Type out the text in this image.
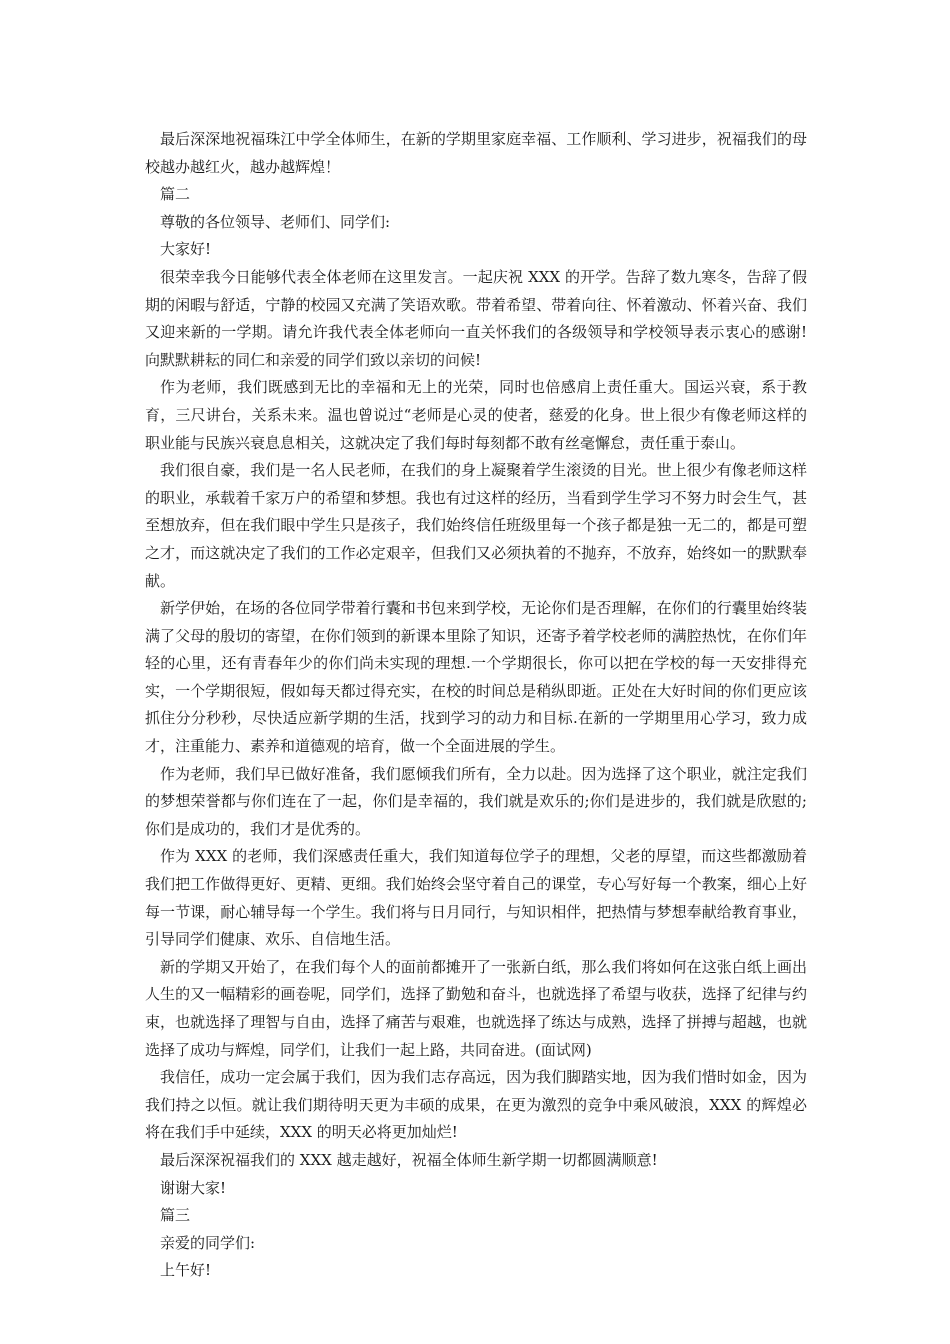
最后深深地祝福珠江中学全体师生，在新的学期里家庭幸福、工作顺利、学习进步，祝福我们的母校越办越红火，越办越辉煌！

篇二

尊敬的各位领导、老师们、同学们:

大家好!

很荣幸我今日能够代表全体老师在这里发言。一起庆祝 XXX 的开学。告辞了数九寒冬，告辞了假期的闲暇与舒适，宁静的校园又充满了笑语欢歌。带着希望、带着向往、怀着激动、怀着兴奋、我们又迎来新的一学期。请允许我代表全体老师向一直关怀我们的各级领导和学校领导表示衷心的感谢!向默默耕耘的同仁和亲爱的同学们致以亲切的问候!

作为老师，我们既感到无比的幸福和无上的光荣，同时也倍感肩上责任重大。国运兴衰，系于教育，三尺讲台，关系未来。温也曾说过“老师是心灵的使者，慈爱的化身。世上很少有像老师这样的职业能与民族兴衰息息相关，这就决定了我们每时每刻都不敢有丝毫懈怠，责任重于泰山。

我们很自豪，我们是一名人民老师，在我们的身上凝聚着学生滚烫的目光。世上很少有像老师这样的职业，承载着千家万户的希望和梦想。我也有过这样的经历，当看到学生学习不努力时会生气，甚至想放弃，但在我们眼中学生只是孩子，我们始终信任班级里每一个孩子都是独一无二的，都是可塑之才，而这就决定了我们的工作必定艰辛，但我们又必须执着的不抛弃，不放弃，始终如一的默默奉献。

新学伊始，在场的各位同学带着行囊和书包来到学校，无论你们是否理解，在你们的行囊里始终装满了父母的殷切的寄望，在你们领到的新课本里除了知识，还寄予着学校老师的满腔热忱，在你们年轻的心里，还有青春年少的你们尚未实现的理想.一个学期很长，你可以把在学校的每一天安排得充实，一个学期很短，假如每天都过得充实，在校的时间总是稍纵即逝。正处在大好时间的你们更应该抓住分分秒秒，尽快适应新学期的生活，找到学习的动力和目标.在新的一学期里用心学习，致力成才，注重能力、素养和道德观的培育，做一个全面进展的学生。

作为老师，我们早已做好准备，我们愿倾我们所有，全力以赴。因为选择了这个职业，就注定我们的梦想荣誉都与你们连在了一起，你们是幸福的，我们就是欢乐的;你们是进步的，我们就是欣慰的;你们是成功的，我们才是优秀的。

作为 XXX 的老师，我们深感责任重大，我们知道每位学子的理想，父老的厚望，而这些都激励着我们把工作做得更好、更精、更细。我们始终会坚守着自己的课堂，专心写好每一个教案，细心上好每一节课，耐心辅导每一个学生。我们将与日月同行，与知识相伴，把热情与梦想奉献给教育事业，引导同学们健康、欢乐、自信地生活。

新的学期又开始了，在我们每个人的面前都摊开了一张新白纸，那么我们将如何在这张白纸上画出人生的又一幅精彩的画卷呢，同学们，选择了勤勉和奋斗，也就选择了希望与收获，选择了纪律与约束，也就选择了理智与自由，选择了痛苦与艰难，也就选择了练达与成熟，选择了拼搏与超越，也就选择了成功与辉煌，同学们，让我们一起上路，共同奋进。(面试网)

我信任，成功一定会属于我们，因为我们志存高远，因为我们脚踏实地，因为我们惜时如金，因为我们持之以恒。就让我们期待明天更为丰硕的成果，在更为激烈的竞争中乘风破浪，XXX 的辉煌必将在我们手中延续，XXX 的明天必将更加灿烂!

最后深深祝福我们的 XXX 越走越好，祝福全体师生新学期一切都圆满顺意!

谢谢大家!

篇三

亲爱的同学们:

上午好!
